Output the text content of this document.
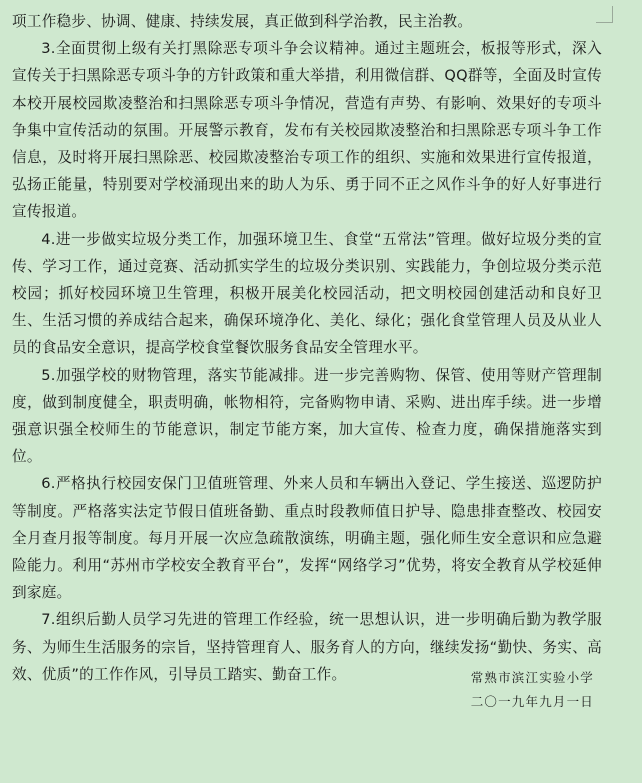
项工作稳步、协调、健康、持续发展，真正做到科学治教，民主治教。

3.全面贯彻上级有关打黑除恶专项斗争会议精神。通过主题班会，板报等形式，深入宣传关于扫黑除恶专项斗争的方针政策和重大举措，利用微信群、QQ群等，全面及时宣传本校开展校园欺凌整治和扫黑除恶专项斗争情况，营造有声势、有影响、效果好的专项斗争集中宣传活动的氛围。开展警示教育，发布有关校园欺凌整治和扫黑除恶专项斗争工作信息，及时将开展扫黑除恶、校园欺凌整治专项工作的组织、实施和效果进行宣传报道，弘扬正能量，特别要对学校涌现出来的助人为乐、勇于同不正之风作斗争的好人好事进行宣传报道。

4.进一步做实垃圾分类工作，加强环境卫生、食堂“五常法”管理。做好垃圾分类的宣传、学习工作，通过竞赛、活动抓实学生的垃圾分类识别、实践能力，争创垃圾分类示范校园；抓好校园环境卫生管理，积极开展美化校园活动，把文明校园创建活动和良好卫生、生活习惯的养成结合起来，确保环境净化、美化、绿化；强化食堂管理人员及从业人员的食品安全意识，提高学校食堂餐饮服务食品安全管理水平。

5.加强学校的财物管理，落实节能减排。进一步完善购物、保管、使用等财产管理制度，做到制度健全，职责明确，帐物相符，完备购物申请、采购、进出库手续。进一步增强意识强全校师生的节能意识，制定节能方案，加大宣传、检查力度，确保措施落实到位。

6.严格执行校园安保门卫值班管理、外来人员和车辆出入登记、学生接送、巡逻防护等制度。严格落实法定节假日值班备勤、重点时段教师值日护导、隐患排查整改、校园安全月查月报等制度。每月开展一次应急疏散演练，明确主题，强化师生安全意识和应急避险能力。利用“苏州市学校安全教育平台”，发挥“网络学习”优势，将安全教育从学校延伸到家庭。

7.组织后勤人员学习先进的管理工作经验，统一思想认识，进一步明确后勤为教学服务、为师生生活服务的宗旨，坚持管理育人、服务育人的方向，继续发扬“勤快、务实、高效、优质”的工作作风，引导员工踏实、勤奋工作。	常熟市滨江实验小学
二〇一九年九月一日
